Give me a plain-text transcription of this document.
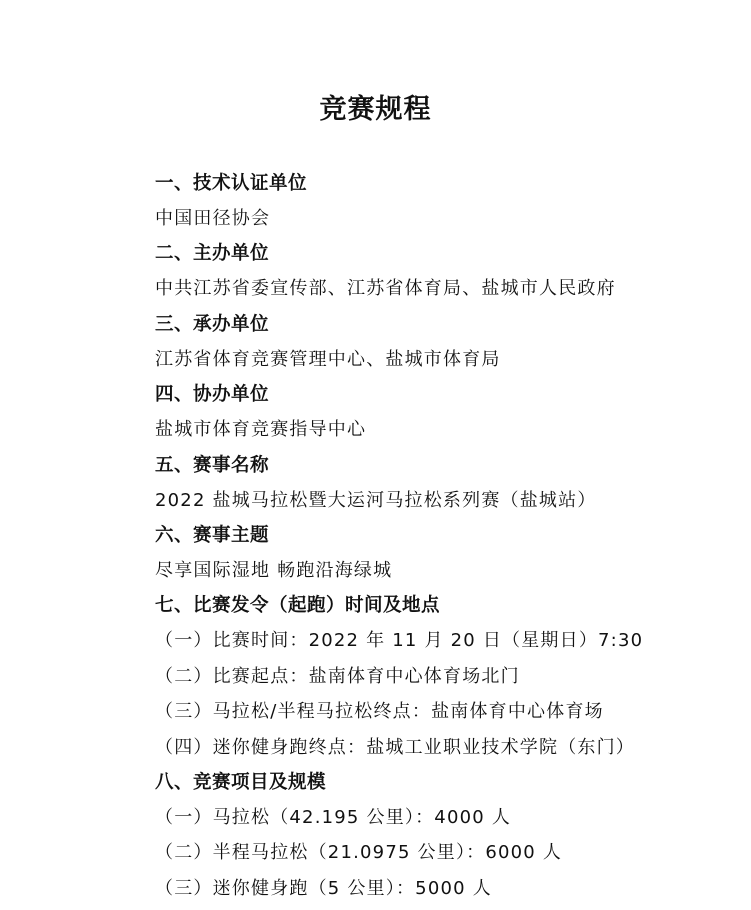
竞赛规程
一、技术认证单位
中国田径协会
二、主办单位
中共江苏省委宣传部、江苏省体育局、盐城市人民政府
三、承办单位
江苏省体育竞赛管理中心、盐城市体育局
四、协办单位
盐城市体育竞赛指导中心
五、赛事名称
2022 盐城马拉松暨大运河马拉松系列赛（盐城站）
六、赛事主题
尽享国际湿地 畅跑沿海绿城
七、比赛发令（起跑）时间及地点
（一）比赛时间：2022 年 11 月 20 日（星期日）7:30
（二）比赛起点：盐南体育中心体育场北门
（三）马拉松/半程马拉松终点：盐南体育中心体育场
（四）迷你健身跑终点：盐城工业职业技术学院（东门）
八、竞赛项目及规模
（一）马拉松（42.195 公里）：4000 人
（二）半程马拉松（21.0975 公里）：6000 人
（三）迷你健身跑（5 公里）：5000 人
